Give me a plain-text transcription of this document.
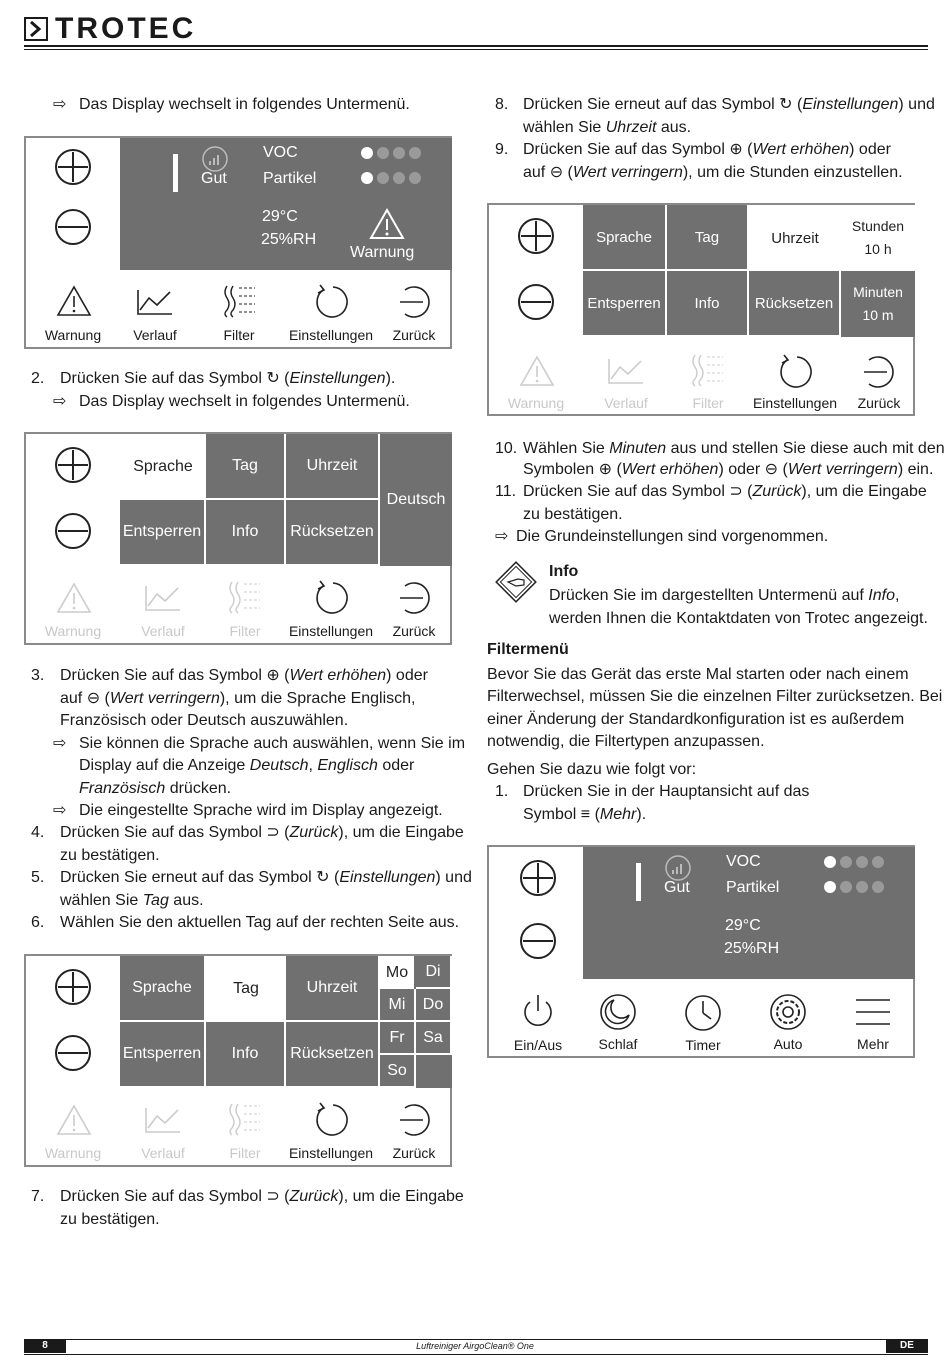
TROTEC
⇨ Das Display wechselt in folgendes Untermenü.
Gut
VOC
Partikel
29°C
25%RH
Warnung
Warnung	Verlauf	Filter	Einstellungen	Zurück
2. Drücken Sie auf das Symbol ↻ (Einstellungen).
⇨ Das Display wechselt in folgendes Untermenü.
Sprache	Tag	Uhrzeit
Deutsch
Entsperren	Info	Rücksetzen
Warnung	Verlauf	Filter	Einstellungen	Zurück
3. Drücken Sie auf das Symbol ⊕ (Wert erhöhen) oder
auf ⊖ (Wert verringern), um die Sprache Englisch,
Französisch oder Deutsch auszuwählen.
⇨ Sie können die Sprache auch auswählen, wenn Sie im
Display auf die Anzeige Deutsch, Englisch oder
Französisch drücken.
⇨ Die eingestellte Sprache wird im Display angezeigt.
4. Drücken Sie auf das Symbol ⊃ (Zurück), um die Eingabe
zu bestätigen.
5. Drücken Sie erneut auf das Symbol ↻ (Einstellungen) und
wählen Sie Tag aus.
6. Wählen Sie den aktuellen Tag auf der rechten Seite aus.
Sprache	Tag	Uhrzeit
Entsperren	Info	Rücksetzen
Mo	Di
Mi	Do
Fr	Sa
So
Warnung	Verlauf	Filter	Einstellungen	Zurück
7. Drücken Sie auf das Symbol ⊃ (Zurück), um die Eingabe
zu bestätigen.
8. Drücken Sie erneut auf das Symbol ↻ (Einstellungen) und
wählen Sie Uhrzeit aus.
9. Drücken Sie auf das Symbol ⊕ (Wert erhöhen) oder
auf ⊖ (Wert verringern), um die Stunden einzustellen.
Sprache	Tag	Uhrzeit
Stunden
10 h
Entsperren	Info	Rücksetzen
Minuten
10 m
Warnung	Verlauf	Filter	Einstellungen	Zurück
10. Wählen Sie Minuten aus und stellen Sie diese auch mit den
Symbolen ⊕ (Wert erhöhen) oder ⊖ (Wert verringern) ein.
11. Drücken Sie auf das Symbol ⊃ (Zurück), um die Eingabe
zu bestätigen.
⇨ Die Grundeinstellungen sind vorgenommen.
Info
Drücken Sie im dargestellten Untermenü auf Info,
werden Ihnen die Kontaktdaten von Trotec angezeigt.
Filtermenü
Bevor Sie das Gerät das erste Mal starten oder nach einem
Filterwechsel, müssen Sie die einzelnen Filter zurücksetzen. Bei
einer Änderung der Standardkonfiguration ist es außerdem
notwendig, die Filtertypen anzupassen.
Gehen Sie dazu wie folgt vor:
1. Drücken Sie in der Hauptansicht auf das
Symbol ≡ (Mehr).
Gut
VOC
Partikel
29°C
25%RH
Ein/Aus	Schlaf	Timer	Auto	Mehr
8	Luftreiniger AirgoClean® One	DE
